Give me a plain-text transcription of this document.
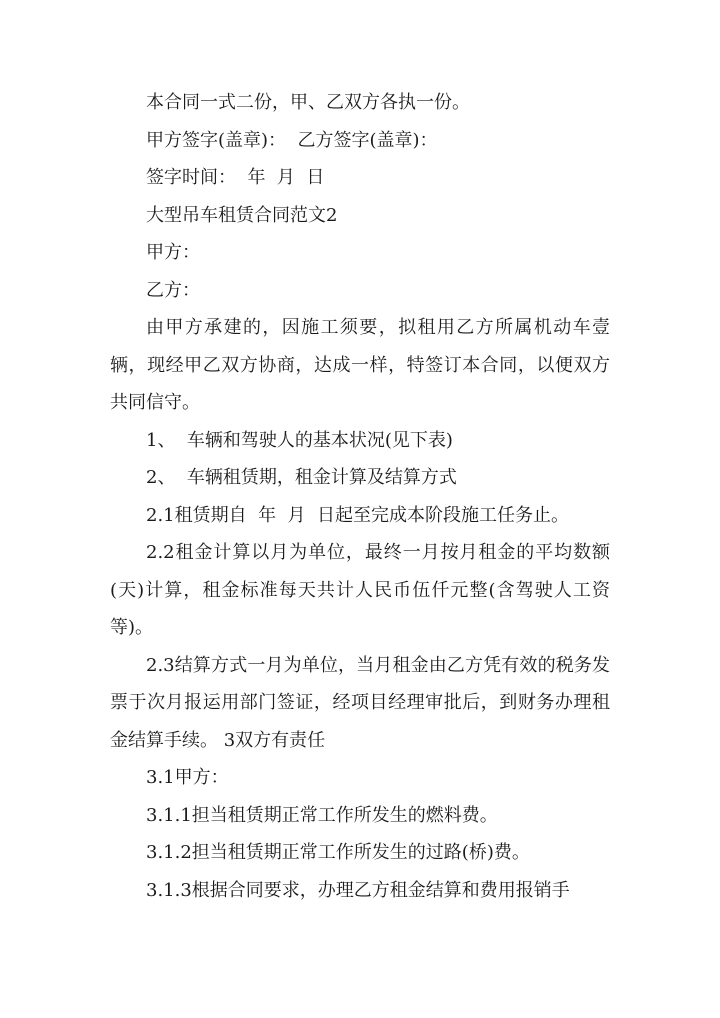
本合同一式二份，甲、乙双方各执一份。

甲方签字(盖章)：  乙方签字(盖章)：

签字时间：  年  月  日

大型吊车租赁合同范文2

甲方：

乙方：

由甲方承建的，因施工须要，拟租用乙方所属机动车壹辆，现经甲乙双方协商，达成一样，特签订本合同，以便双方共同信守。

1、  车辆和驾驶人的基本状况(见下表)

2、  车辆租赁期，租金计算及结算方式

2.1租赁期自  年  月  日起至完成本阶段施工任务止。

2.2租金计算以月为单位，最终一月按月租金的平均数额(天)计算，租金标准每天共计人民币伍仟元整(含驾驶人工资等)。

2.3结算方式一月为单位，当月租金由乙方凭有效的税务发票于次月报运用部门签证，经项目经理审批后，到财务办理租金结算手续。 3双方有责任

3.1甲方：

3.1.1担当租赁期正常工作所发生的燃料费。

3.1.2担当租赁期正常工作所发生的过路(桥)费。

3.1.3根据合同要求，办理乙方租金结算和费用报销手
